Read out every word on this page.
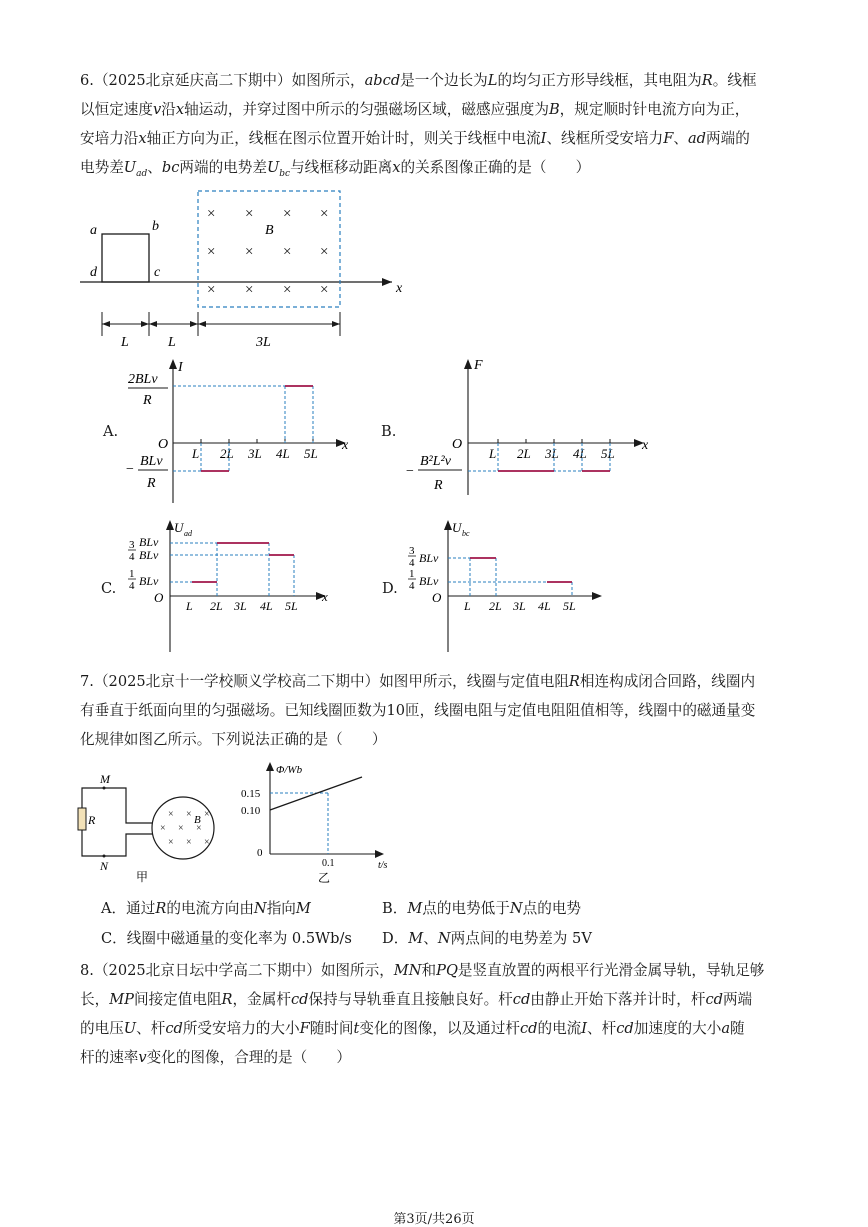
6.（2025北京延庆高二下期中）如图所示，abcd是一个边长为L的均匀正方形导线框，其电阻为R。线框

以恒定速度v沿x轴运动，并穿过图中所示的匀强磁场区域，磁感应强度为B，规定顺时针电流方向为正，

安培力沿x轴正方向为正，线框在图示位置开始计时，则关于线框中电流I、线框所受安培力F、ad两端的

电势差$U_{ad}$、bc两端的电势差$U_{bc}$与线框移动距离x的关系图像正确的是（　　）

x
a	b
d	c
× × × ×
× × × ×
× × × ×
B
L	L	3L
A.
I
x
O
2BLv
R
−
BLv
R
L 2L 3L 4L 5L
B.
F
x
O
−
B²L²v
R
L 2L 3L 4L 5L
C.
U ad
x
O
3
4
BLv
BLv
1
4 BLv
L 2L 3L 4L 5L
D.
U bc
O
3
4 BLv
1
4 BLv
L 2L 3L 4L 5L

7.（2025北京十一学校顺义学校高二下期中）如图甲所示，线圈与定值电阻R相连构成闭合回路，线圈内

有垂直于纸面向里的匀强磁场。已知线圈匝数为10匝，线圈电阻与定值电阻阻值相等，线圈中的磁通量变

化规律如图乙所示。下列说法正确的是（　　）

M
N
R	× × ×
× × ×
× × ×
B
甲
Φ/Wb
t/s
0.15
0.10
0
0.1
乙
A．通过R的电流方向由N指向M	B．M点的电势低于N点的电势
C．线圈中磁通量的变化率为 0.5Wb/s D．M、N两点间的电势差为 5V

8.（2025北京日坛中学高二下期中）如图所示，MN和PQ是竖直放置的两根平行光滑金属导轨，导轨足够

长，MP间接定值电阻R，金属杆cd保持与导轨垂直且接触良好。杆cd由静止开始下落并计时，杆cd两端

的电压U、杆cd所受安培力的大小F随时间t变化的图像，以及通过杆cd的电流I、杆cd加速度的大小a随

杆的速率v变化的图像，合理的是（　　）

第3页/共26页
